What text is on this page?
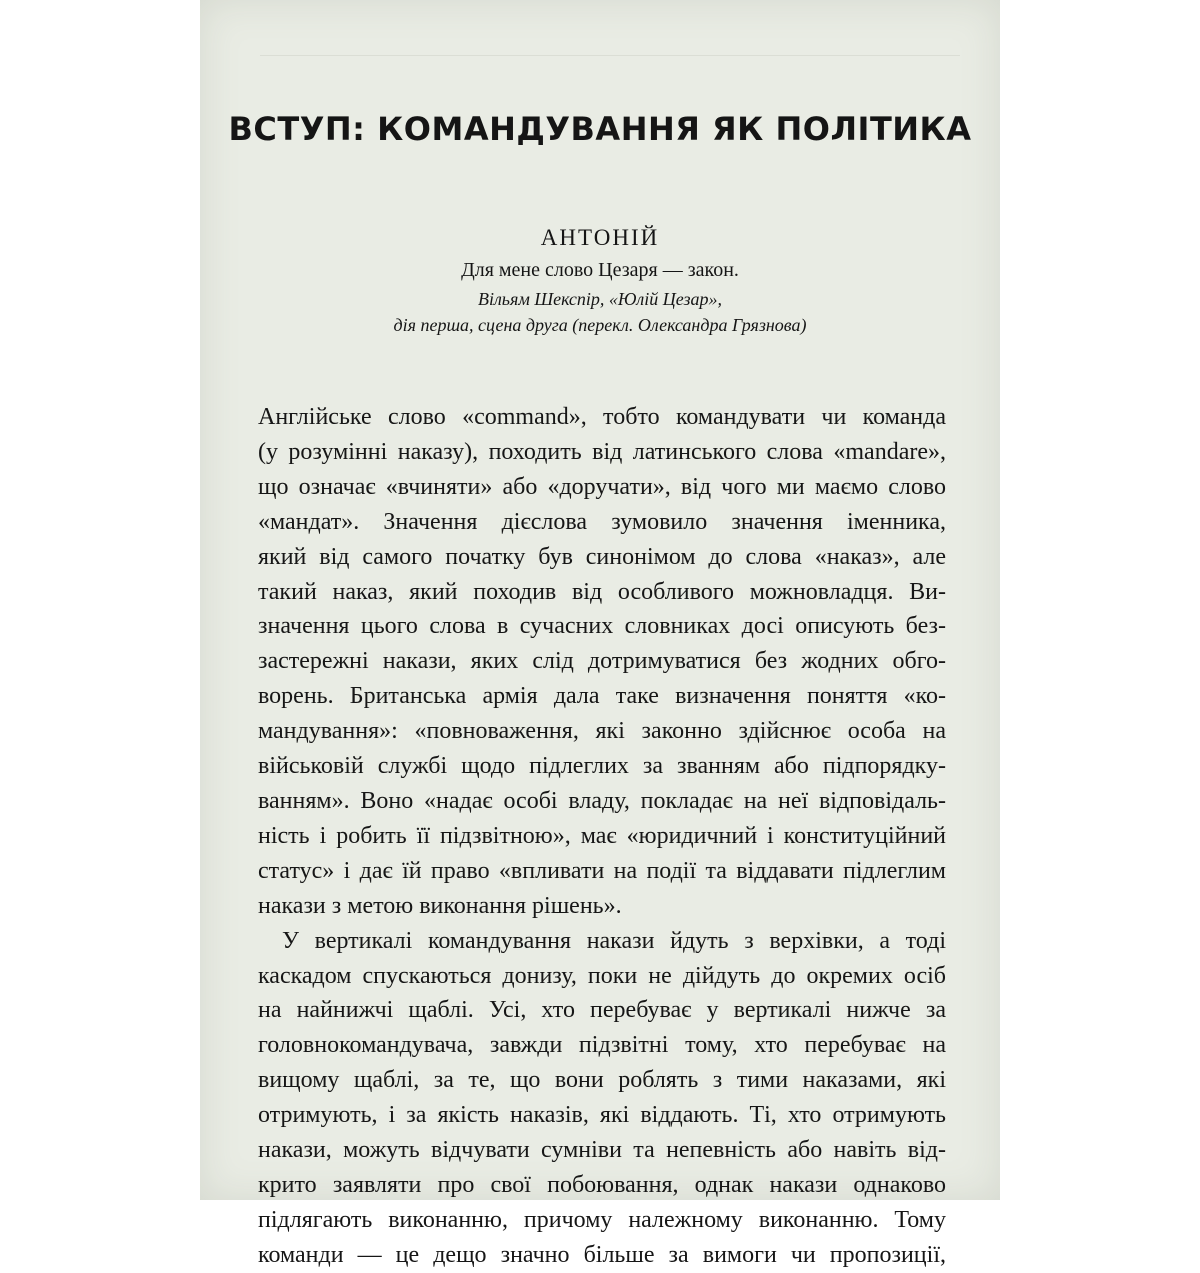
ВСТУП: КОМАНДУВАННЯ ЯК ПОЛІТИКА
АНТОНІЙ
Для мене слово Цезаря — закон.
Вільям Шекспір, «Юлій Цезар»,
дія перша, сцена друга (перекл. Олександра Грязнова)
Англійське слово «command», тобто командувати чи команда
(у розумінні наказу), походить від латинського слова «mandare»,
що означає «вчиняти» або «доручати», від чого ми маємо слово
«мандат». Значення дієслова зумовило значення іменника,
який від самого початку був синонімом до слова «наказ», але
такий наказ, який походив від особливого можновладця. Ви-
значення цього слова в сучасних словниках досі описують без-
застережні накази, яких слід дотримуватися без жодних обго-
ворень. Британська армія дала таке визначення поняття «ко-
мандування»: «повноваження, які законно здійснює особа на
військовій службі щодо підлеглих за званням або підпорядку-
ванням». Воно «надає особі владу, покладає на неї відповідаль-
ність і робить її підзвітною», має «юридичний і конституційний
статус» і дає їй право «впливати на події та віддавати підлеглим
накази з метою виконання рішень».
У вертикалі командування накази йдуть з верхівки, а тоді
каскадом спускаються донизу, поки не дійдуть до окремих осіб
на найнижчі щаблі. Усі, хто перебуває у вертикалі нижче за
головнокомандувача, завжди підзвітні тому, хто перебуває на
вищому щаблі, за те, що вони роблять з тими наказами, які
отримують, і за якість наказів, які віддають. Ті, хто отримують
накази, можуть відчувати сумніви та непевність або навіть від-
крито заявляти про свої побоювання, однак накази однаково
підлягають виконанню, причому належному виконанню. Тому
команди — це дещо значно більше за вимоги чи пропозиції,
